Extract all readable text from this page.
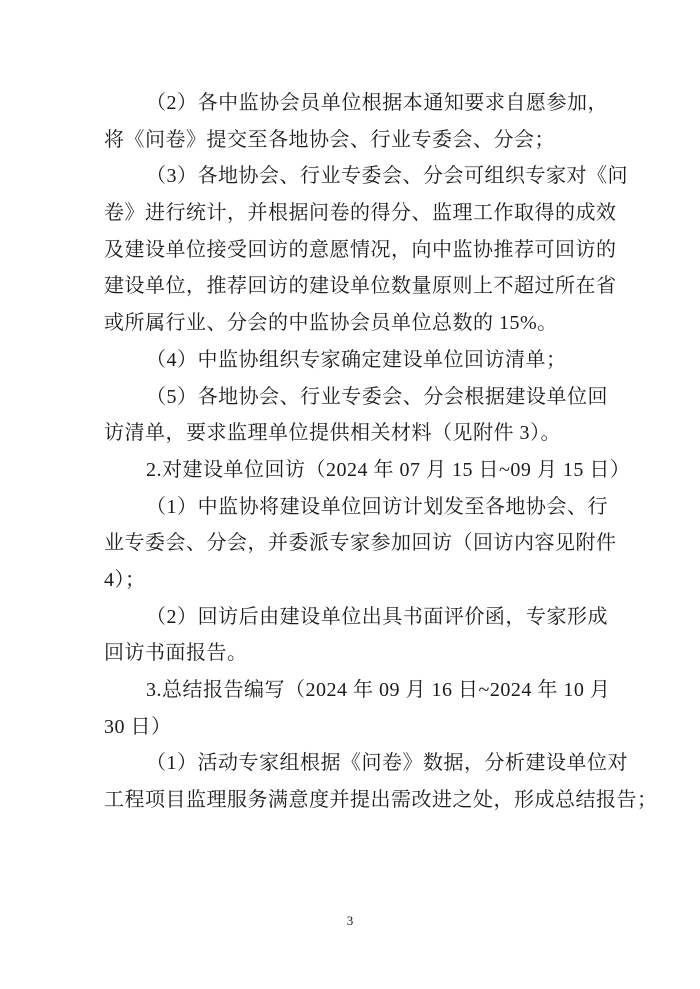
（2）各中监协会员单位根据本通知要求自愿参加，
将《问卷》提交至各地协会、行业专委会、分会；
（3）各地协会、行业专委会、分会可组织专家对《问
卷》进行统计，并根据问卷的得分、监理工作取得的成效
及建设单位接受回访的意愿情况，向中监协推荐可回访的
建设单位，推荐回访的建设单位数量原则上不超过所在省
或所属行业、分会的中监协会员单位总数的 15%。
（4）中监协组织专家确定建设单位回访清单；
（5）各地协会、行业专委会、分会根据建设单位回
访清单，要求监理单位提供相关材料（见附件 3）。
2.对建设单位回访（2024 年 07 月 15 日~09 月 15 日）
（1）中监协将建设单位回访计划发至各地协会、行
业专委会、分会，并委派专家参加回访（回访内容见附件
4）；
（2）回访后由建设单位出具书面评价函，专家形成
回访书面报告。
3.总结报告编写（2024 年 09 月 16 日~2024 年 10 月
30 日）
（1）活动专家组根据《问卷》数据，分析建设单位对
工程项目监理服务满意度并提出需改进之处，形成总结报告；
3
